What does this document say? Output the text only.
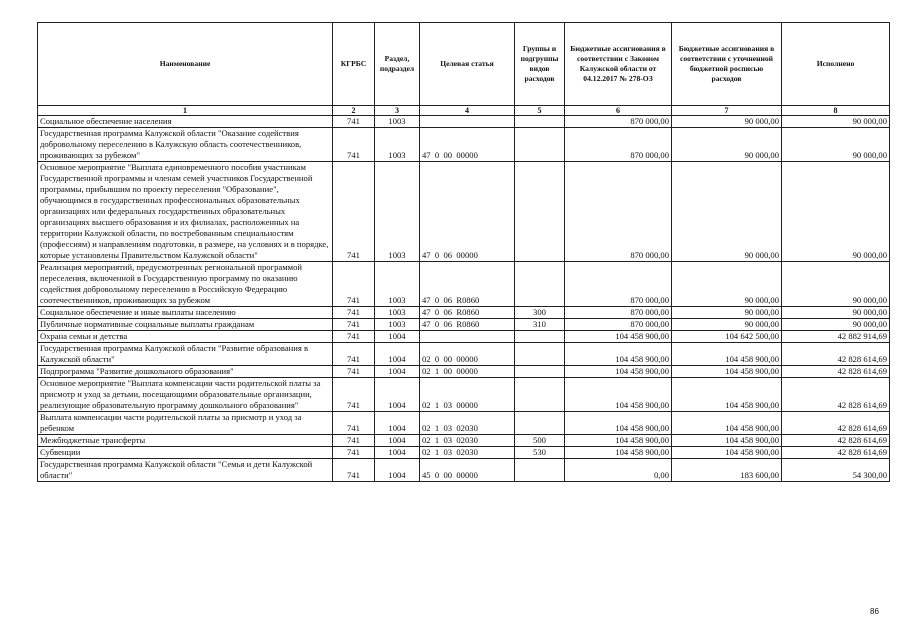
Наименование	КГРБС	Раздел, подраздел	Целевая статья	Группы и подгруппы видов расходов	Бюджетные ассигнования в соответствии с Законом Калужской области от 04.12.2017 № 278-ОЗ	Бюджетные ассигнования в соответствии с уточненной бюджетной росписью расходов	Исполнено
1	2	3	4	5	6	7	8
Социальное обеспечение населения	741	1003			870 000,00	90 000,00	90 000,00
Государственная программа Калужской области "Оказание содействия добровольному переселению в Калужскую область соотечественников, проживающих за рубежом"	741	1003	47  0  00  00000		870 000,00	90 000,00	90 000,00
Основное мероприятие "Выплата единовременного пособия участникам Государственной программы и членам семей участников Государственной программы, прибывшим по проекту переселения "Образование", обучающимся в государственных профессиональных образовательных организациях или федеральных государственных образовательных организациях высшего образования и их филиалах, расположенных на территории Калужской области, по востребованным специальностям (профессиям) и направлениям подготовки, в размере, на условиях и в порядке, которые установлены Правительством Калужской области"	741	1003	47  0  06  00000		870 000,00	90 000,00	90 000,00
Реализация мероприятий, предусмотренных региональной программой переселения, включенной в Государственную программу по оказанию содействия добровольному переселению в Российскую Федерацию соотечественников, проживающих за рубежом	741	1003	47  0  06  R0860		870 000,00	90 000,00	90 000,00
Социальное обеспечение и иные выплаты населению	741	1003	47  0  06  R0860	300	870 000,00	90 000,00	90 000,00
Публичные нормативные социальные выплаты гражданам	741	1003	47  0  06  R0860	310	870 000,00	90 000,00	90 000,00
Охрана семьи и детства	741	1004			104 458 900,00	104 642 500,00	42 882 914,69
Государственная программа Калужской области "Развитие образования в Калужской области"	741	1004	02  0  00  00000		104 458 900,00	104 458 900,00	42 828 614,69
Подпрограмма "Развитие дошкольного образования"	741	1004	02  1  00  00000		104 458 900,00	104 458 900,00	42 828 614,69
Основное мероприятие "Выплата компенсации части родительской платы за присмотр и уход за детьми, посещающими образовательные организации, реализующие образовательную программу дошкольного образования"	741	1004	02  1  03  00000		104 458 900,00	104 458 900,00	42 828 614,69
Выплата компенсации части родительской платы за присмотр и уход за ребенком	741	1004	02  1  03  02030		104 458 900,00	104 458 900,00	42 828 614,69
Межбюджетные трансферты	741	1004	02  1  03  02030	500	104 458 900,00	104 458 900,00	42 828 614,69
Субвенции	741	1004	02  1  03  02030	530	104 458 900,00	104 458 900,00	42 828 614,69
Государственная программа Калужской области "Семья и дети Калужской области"	741	1004	45  0  00  00000		0,00	183 600,00	54 300,00
86
